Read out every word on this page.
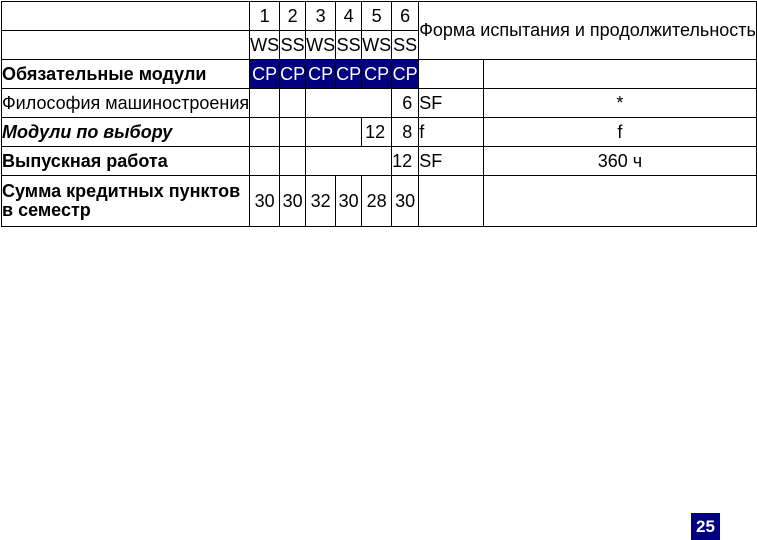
	1	2	3	4	5	6	Форма испытания и продолжительность	
	WS	SS	WS	SS	WS	SS		
Обязательные модули	CP	CP	CP	CP	CP	CP		
Философия машиностроения						6	SF	*
Модули по выбору					12	8	f	f
Выпускная работа						12	SF	360 ч
Сумма кредитных пунктов в семестр	30	30	32	30	28	30		
25
